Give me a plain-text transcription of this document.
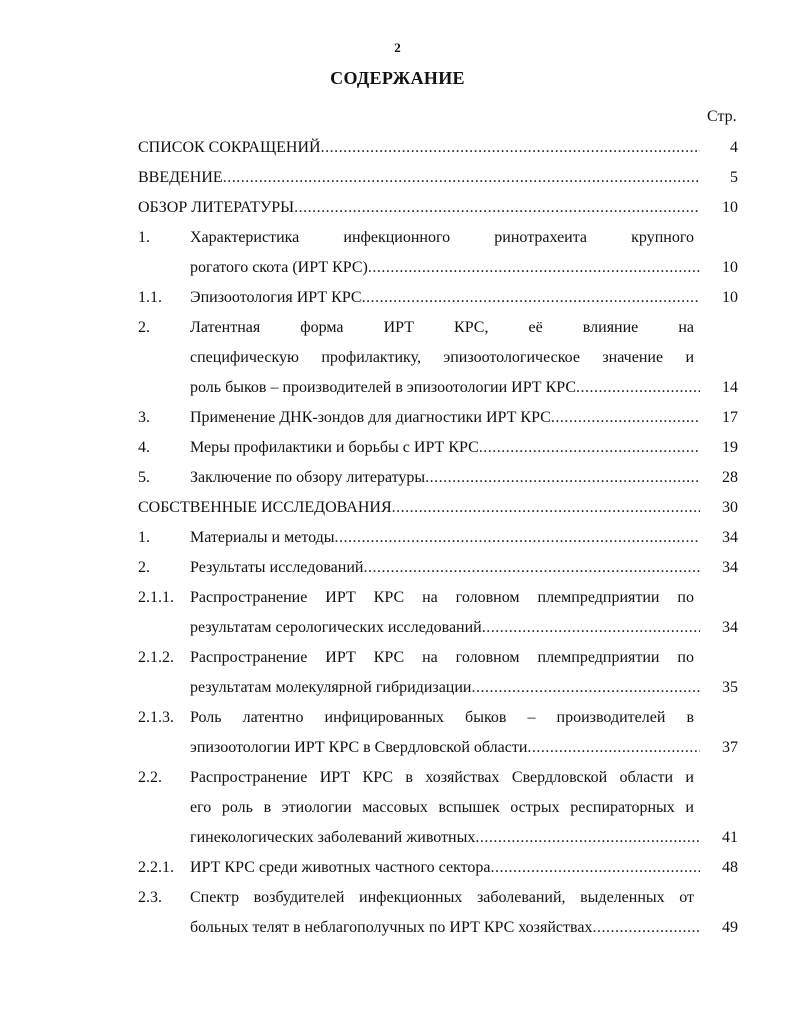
2
СОДЕРЖАНИЕ
Стр.
СПИСОК СОКРАЩЕНИЙ .....	4
ВВЕДЕНИЕ .....	5
ОБЗОР ЛИТЕРАТУРЫ .....	10
1.	Характеристика инфекционного ринотрахеита крупного
рогатого скота (ИРТ КРС) .....	10
1.1. Эпизоотология ИРТ КРС .....	10
2.	Латентная форма ИРТ КРС, её влияние на
специфическую профилактику, эпизоотологическое значение и
роль быков – производителей в эпизоотологии ИРТ КРС .....	14
3.	Применение ДНК-зондов для диагностики ИРТ КРС .....	17
4.	Меры профилактики и борьбы с ИРТ КРС .....	19
5.	Заключение по обзору литературы .....	28
СОБСТВЕННЫЕ ИССЛЕДОВАНИЯ .....	30
1.	Материалы и методы .....	34
2.	Результаты исследований .....	34
2.1.1. Распространение ИРТ КРС на головном племпредприятии по
результатам серологических исследований .....	34
2.1.2. Распространение ИРТ КРС на головном племпредприятии по
результатам молекулярной гибридизации .....	35
2.1.3. Роль латентно инфицированных быков – производителей в
эпизоотологии ИРТ КРС в Свердловской области .....	37
2.2. Распространение ИРТ КРС в хозяйствах Свердловской области и
его роль в этиологии массовых вспышек острых респираторных и
гинекологических заболеваний животных .....	41
2.2.1. ИРТ КРС среди животных частного сектора .....	48
2.3. Спектр возбудителей инфекционных заболеваний, выделенных от
больных телят в неблагополучных по ИРТ КРС хозяйствах .....	49
